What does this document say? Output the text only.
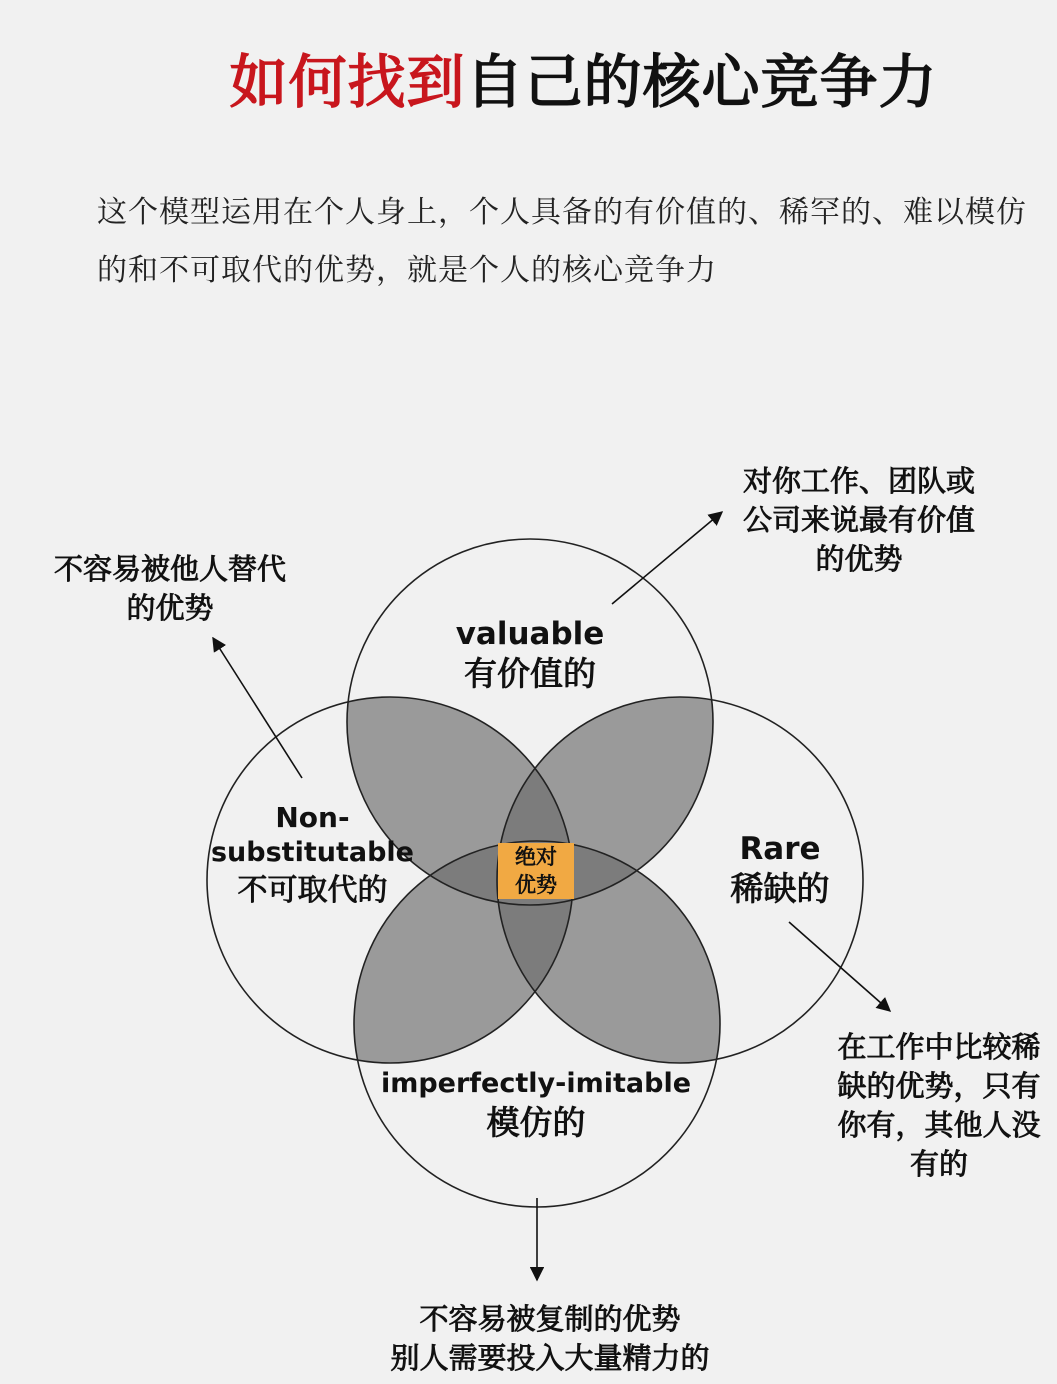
如何找到自己的核心竞争力
这个模型运用在个人身上，个人具备的有价值的、稀罕的、难以模仿的和不可取代的优势，就是个人的核心竞争力
valuable
有价值的
Non-
substitutable
不可取代的
Rare
稀缺的
imperfectly-imitable
模仿的
绝对
优势
对你工作、团队或公司来说最有价值的优势
不容易被他人替代的优势
在工作中比较稀缺的优势，只有你有，其他人没有的
不容易被复制的优势
别人需要投入大量精力的
